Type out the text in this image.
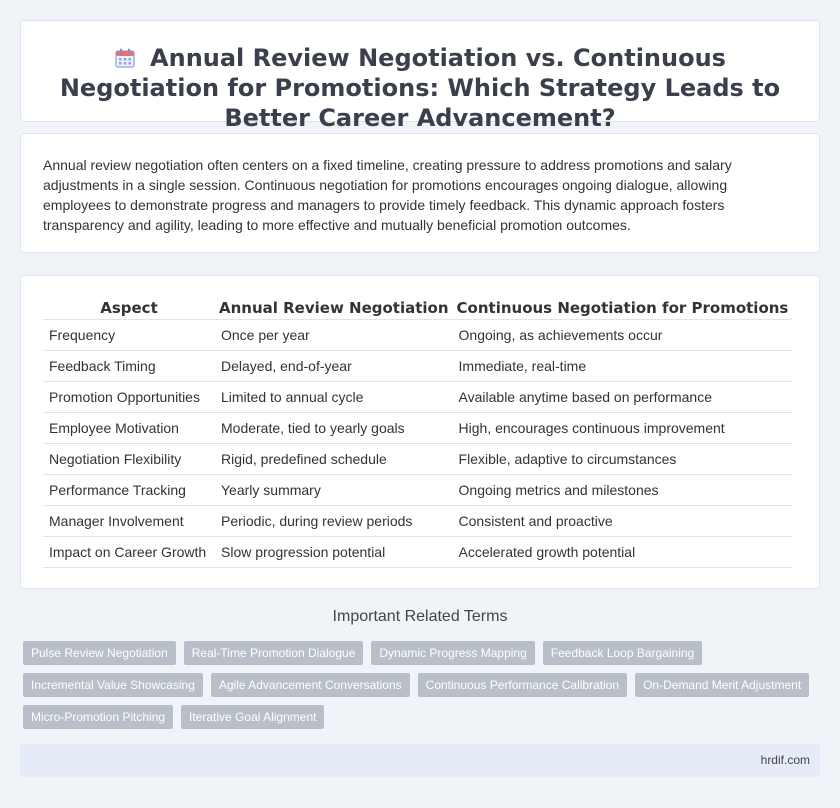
Annual Review Negotiation vs. Continuous Negotiation for Promotions: Which Strategy Leads to Better Career Advancement?

Annual review negotiation often centers on a fixed timeline, creating pressure to address promotions and salary adjustments in a single session. Continuous negotiation for promotions encourages ongoing dialogue, allowing employees to demonstrate progress and managers to provide timely feedback. This dynamic approach fosters transparency and agility, leading to more effective and mutually beneficial promotion outcomes.

Aspect	Annual Review Negotiation	Continuous Negotiation for Promotions
Frequency	Once per year	Ongoing, as achievements occur
Feedback Timing	Delayed, end-of-year	Immediate, real-time
Promotion Opportunities	Limited to annual cycle	Available anytime based on performance
Employee Motivation	Moderate, tied to yearly goals	High, encourages continuous improvement
Negotiation Flexibility	Rigid, predefined schedule	Flexible, adaptive to circumstances
Performance Tracking	Yearly summary	Ongoing metrics and milestones
Manager Involvement	Periodic, during review periods	Consistent and proactive
Impact on Career Growth	Slow progression potential	Accelerated growth potential
Important Related Terms
Pulse Review Negotiation	Real-Time Promotion Dialogue	Dynamic Progress Mapping	Feedback Loop Bargaining
Incremental Value Showcasing	Agile Advancement Conversations	Continuous Performance Calibration	On-Demand Merit Adjustment
Micro-Promotion Pitching	Iterative Goal Alignment
hrdif.com
